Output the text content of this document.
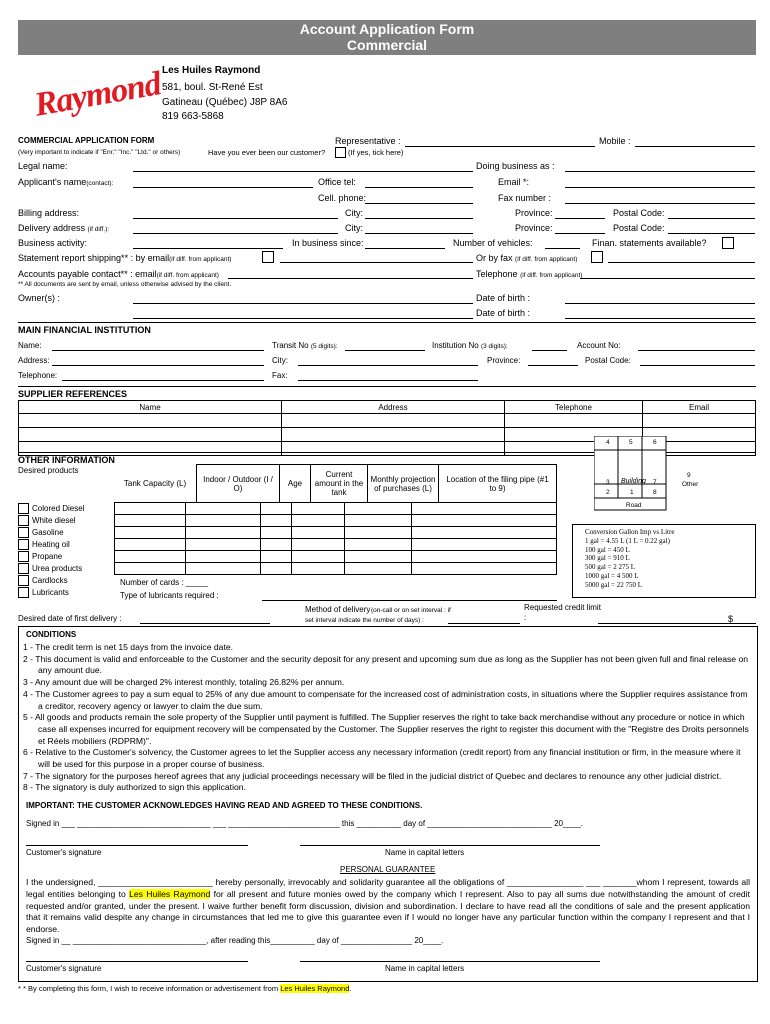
Account Application Form
Commercial
Raymond
Les Huiles Raymond
581, boul. St-René Est
Gatineau (Québec) J8P 8A6
819 663-5868
COMMERCIAL APPLICATION FORM
(Very important to indicate if "Enr." "Inc." "Ltd." or others)
Representative :	Mobile :
Have you ever been our customer?	(If yes, tick here)
Legal name:	Doing business as :
Applicant's name(contact):	Office tel:	Email *:
Cell. phone:	Fax number :
Billing address:	City:	Province:	Postal Code:
Delivery address (if diff.):	City:	Province:	Postal Code:
Business activity:	In business since:	Number of vehicles:	Finan. statements available?
Statement report shipping** : by email(if diff. from applicant)	Or by fax (if diff. from applicant)
Accounts payable contact** : email(if diff. from applicant)	Telephone (if diff. from applicant)
** All documents are sent by email, unless otherwise advised by the client.
Owner(s) :	Date of birth :
Date of birth :
MAIN FINANCIAL INSTITUTION
Name:	Transit No (5 digits):	Institution No (3 digits):	Account No:
Address:	City:	Province:	Postal Code:
Telephone:	Fax:
SUPPLIER REFERENCES
Name	Address	Telephone	Email

OTHER INFORMATION
Desired products
Tank Capacity (L)	Indoor / Outdoor (I / O)	Age	Current amount in the tank	Monthly projection of purchases (L)	Location of the filing pipe (#1 to 9)
Colored Diesel						
White diesel						
Gasoline						
Heating oil						
Propane						
Urea products						
Cardlocks						
Lubricants						
Number of cards : _____
Type of lubricants required :
4	5	6
3 Building 7
2	1	8
Road
9
Other
Conversion Gallon Imp vs Litre
1 gal = 4.55 L (1 L = 0.22 gal)
100 gal = 450 L
300 gal = 910 L
500 gal = 2 275 L
1000 gal = 4 500 L
5000 gal = 22 750 L
Method of delivery (on-call or on set interval : if set interval indicate the number of days) :
Requested credit limit :	$
Desired date of first delivery :
CONDITIONS

1 - The credit term is net 15 days from the invoice date.

2 - This document is valid and enforceable to the Customer and the security deposit for any present and upcoming sum due as long as the Supplier has not been given full and final release on any amount due.

3 - Any amount due will be charged 2% interest monthly, totaling 26.82% per annum.

4 - The Customer agrees to pay a sum equal to 25% of any due amount to compensate for the increased cost of administration costs, in situations where the Supplier requires assistance from a creditor, recovery agency or lawyer to claim the due sum.

5 - All goods and products remain the sole property of the Supplier until payment is fulfilled. The Supplier reserves the right to take back merchandise without any procedure or notice in which case all expenses incurred for equipment recovery will be compensated by the Customer. The Supplier reserves the right to register this document with the "Registre des Droits personnels et Réels mobiliers (RDPRM)".

6 - Relative to the Customer's solvency, the Customer agrees to let the Supplier access any necessary information (credit report) from any financial institution or firm, in the measure where it will be used for this purpose in a proper course of business.

7 - The signatory for the purposes hereof agrees that any judicial proceedings necessary will be filed in the judicial district of Quebec and declares to renounce any other judicial district.

8 - The signatory is duly authorized to sign this application.

IMPORTANT: THE CUSTOMER ACKNOWLEDGES HAVING READ AND AGREED TO THESE CONDITIONS.
Signed in ___ ______________________________ ___ _________________________ this __________ day of ____________________________ 20____.
Customer's signature	Name in capital letters
PERSONAL GUARANTEE
I the undersigned, ________________________ hereby personally, irrevocably and solidarity guarantee all the obligations of ________________ ___ _______whom I represent, towards all legal entities belonging to Les Huiles Raymond for all present and future monies owed by the company which I represent. Also to pay all sums due notwithstanding the amount of credit requested and/or granted, under the present. I waive further benefit form discussion, division and subordination. I declare to have read all the conditions of sale and the present application that it remains valid despite any change in circumstances that led me to give this guarantee even if I would no longer have any particular function within the company I represent and that I endorse.
Signed in __ ______________________________, after reading this__________ day of ________________ 20____.
Customer's signature	Name in capital letters
* * By completing this form, I wish to receive information or advertisement from Les Huiles Raymond.
